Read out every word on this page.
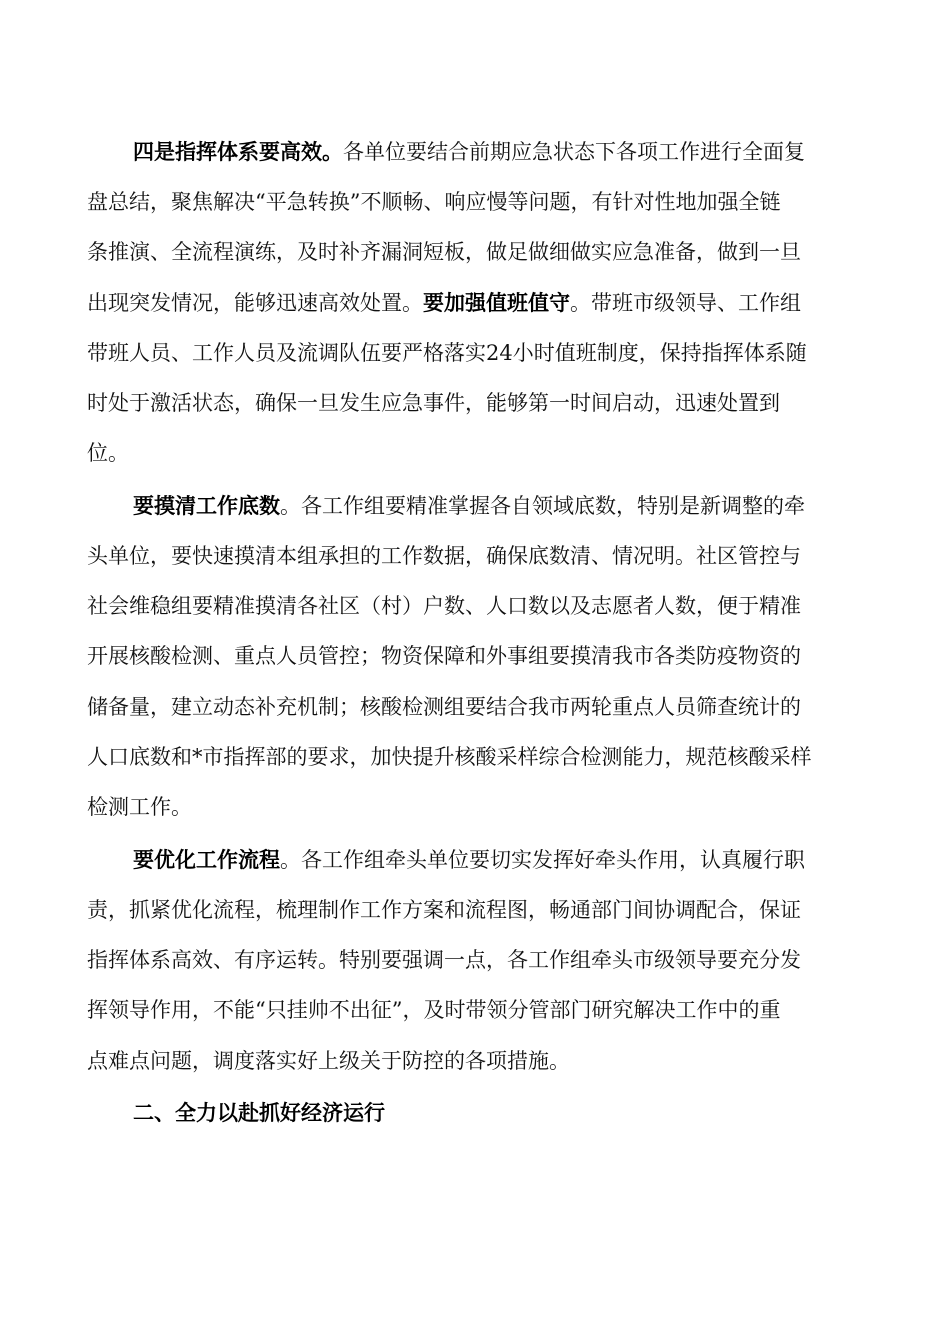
四是指挥体系要高效。各单位要结合前期应急状态下各项工作进行全面复
盘总结，聚焦解决“平急转换”不顺畅、响应慢等问题，有针对性地加强全链
条推演、全流程演练，及时补齐漏洞短板，做足做细做实应急准备，做到一旦
出现突发情况，能够迅速高效处置。要加强值班值守。带班市级领导、工作组
带班人员、工作人员及流调队伍要严格落实24小时值班制度，保持指挥体系随
时处于激活状态，确保一旦发生应急事件，能够第一时间启动，迅速处置到
位。
要摸清工作底数。各工作组要精准掌握各自领域底数，特别是新调整的牵
头单位，要快速摸清本组承担的工作数据，确保底数清、情况明。社区管控与
社会维稳组要精准摸清各社区（村）户数、人口数以及志愿者人数，便于精准
开展核酸检测、重点人员管控；物资保障和外事组要摸清我市各类防疫物资的
储备量，建立动态补充机制；核酸检测组要结合我市两轮重点人员筛查统计的
人口底数和*市指挥部的要求，加快提升核酸采样综合检测能力，规范核酸采样
检测工作。
要优化工作流程。各工作组牵头单位要切实发挥好牵头作用，认真履行职
责，抓紧优化流程，梳理制作工作方案和流程图，畅通部门间协调配合，保证
指挥体系高效、有序运转。特别要强调一点，各工作组牵头市级领导要充分发
挥领导作用，不能“只挂帅不出征”，及时带领分管部门研究解决工作中的重
点难点问题，调度落实好上级关于防控的各项措施。
二、全力以赴抓好经济运行
